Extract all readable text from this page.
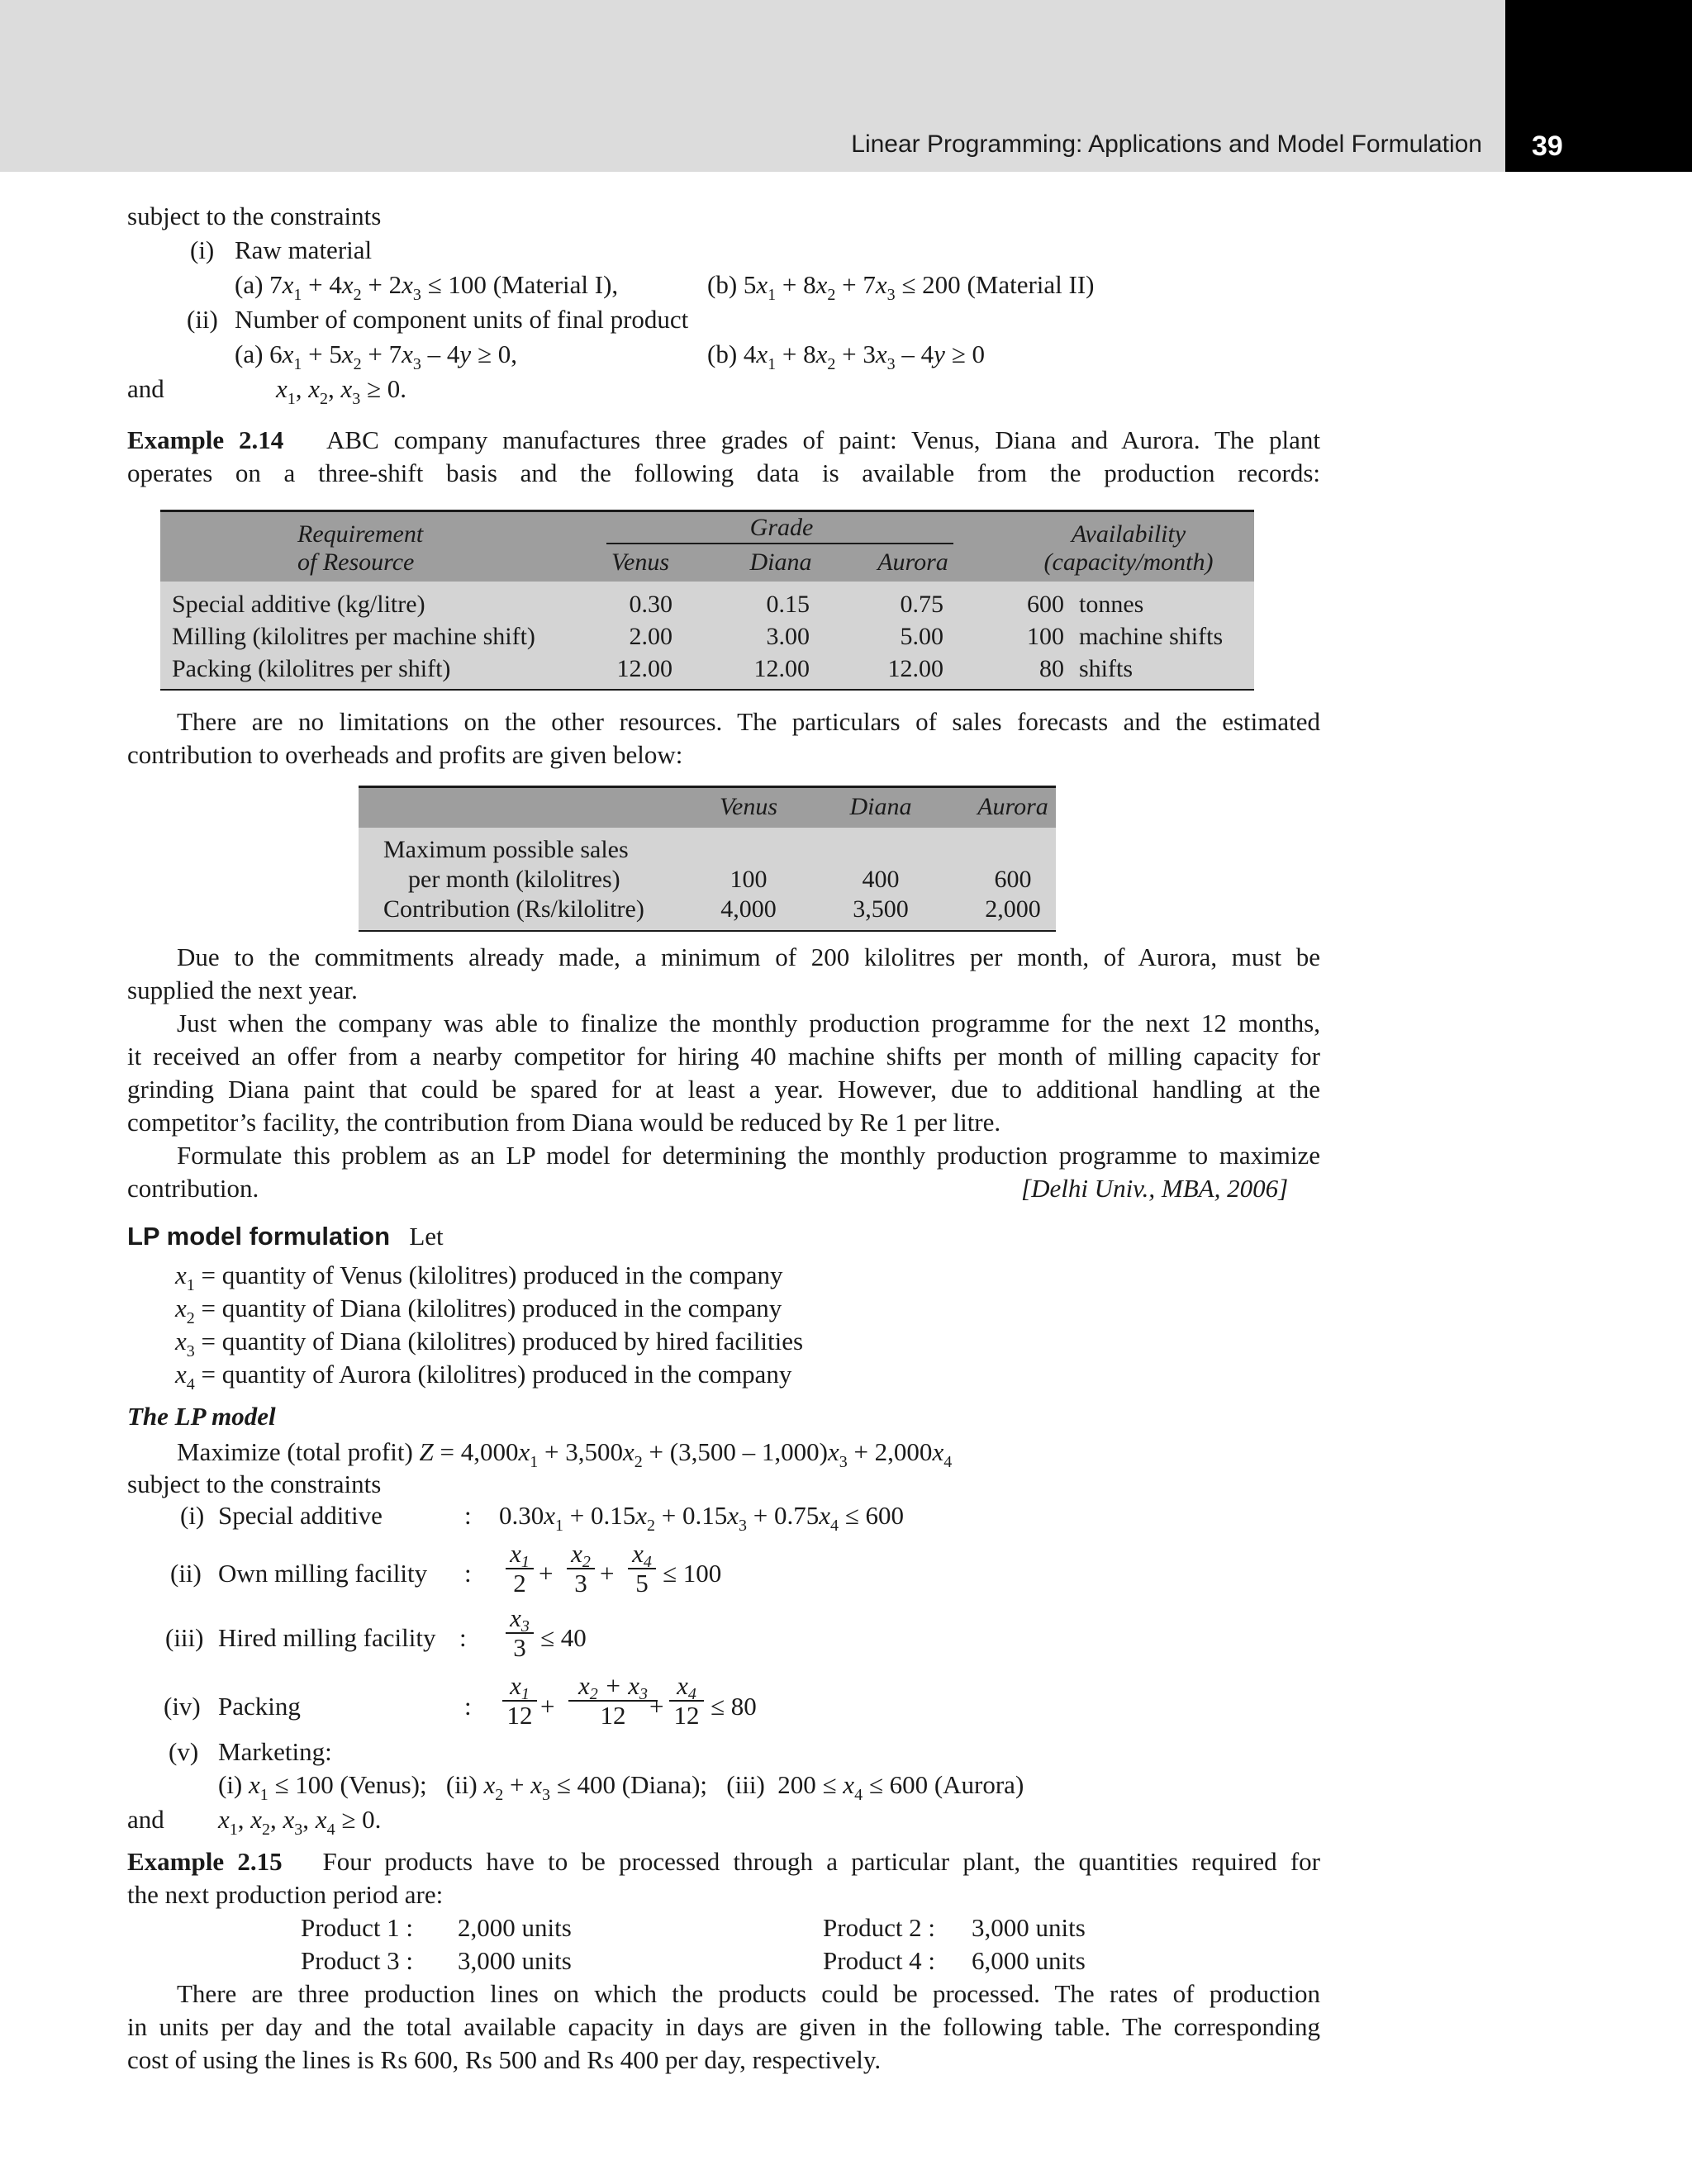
Linear Programming: Applications and Model Formulation 39
subject to the constraints
(i) Raw material
(a) $7x_1 + 4x_2 + 2x_3 \le 100$ (Material I),	(b) $5x_1 + 8x_2 + 7x_3 \le 200$ (Material II)
(ii) Number of component units of final product
(a) $6x_1 + 5x_2 + 7x_3 - 4y \ge 0$,	(b) $4x_1 + 8x_2 + 3x_3 - 4y \ge 0$
and	$x_1$, $x_2$, $x_3 \ge 0$.
Example 2.14 ABC company manufactures three grades of paint: Venus, Diana and Aurora. The plant
operates on a three-shift basis and the following data is available from the production records:
Requirement
of Resource
Grade
Venus	Diana	Aurora
Availability
(capacity/month)
Special additive (kg/litre)	0.30	0.15	0.75	600 tonnes
Milling (kilolitres per machine shift)	2.00	3.00	5.00	100 machine shifts
Packing (kilolitres per shift)	12.00	12.00	12.00	80 shifts
There are no limitations on the other resources. The particulars of sales forecasts and the estimated
contribution to overheads and profits are given below:
Venus	Diana	Aurora
Maximum possible sales
per month (kilolitres)	100	400	600
Contribution (Rs/kilolitre)	4,000	3,500	2,000
Due to the commitments already made, a minimum of 200 kilolitres per month, of Aurora, must be
supplied the next year.
Just when the company was able to finalize the monthly production programme for the next 12 months,
it received an offer from a nearby competitor for hiring 40 machine shifts per month of milling capacity for
grinding Diana paint that could be spared for at least a year. However, due to additional handling at the
competitor’s facility, the contribution from Diana would be reduced by Re 1 per litre.
Formulate this problem as an LP model for determining the monthly production programme to maximize
contribution.	[Delhi Univ., MBA, 2006]
LP model formulation Let
$x_1$ = quantity of Venus (kilolitres) produced in the company
$x_2$ = quantity of Diana (kilolitres) produced in the company
$x_3$ = quantity of Diana (kilolitres) produced by hired facilities
$x_4$ = quantity of Aurora (kilolitres) produced in the company
The LP model
Maximize (total profit) $Z = 4,000x_1 + 3,500x_2 + (3,500 - 1,000)x_3 + 2,000x_4$
subject to the constraints
(i) Special additive	: $0.30x_1 + 0.15x_2 + 0.15x_3 + 0.75x_4 \le 600$
(ii) Own milling facility :
x1
2 +
x2
3 +
x4
5 ≤ 100
(iii) Hired milling facility :
x3
3 ≤ 40
(iv) Packing	:
x1
12 +
x2 + x3
12 +
x4
12 ≤ 80
(v) Marketing:
(i) $x_1 \le 100$ (Venus); (ii) $x_2 + x_3 \le 400$ (Diana); (iii)  $200 \le x_4 \le 600$ (Aurora)
and $x_1$, $x_2$, $x_3$, $x_4 \ge 0$.
Example 2.15 Four products have to be processed through a particular plant, the quantities required for
the next production period are:
Product 1 : 2,000 units	Product 2 : 3,000 units
Product 3 : 3,000 units	Product 4 : 6,000 units
There are three production lines on which the products could be processed. The rates of production
in units per day and the total available capacity in days are given in the following table. The corresponding
cost of using the lines is Rs 600, Rs 500 and Rs 400 per day, respectively.
